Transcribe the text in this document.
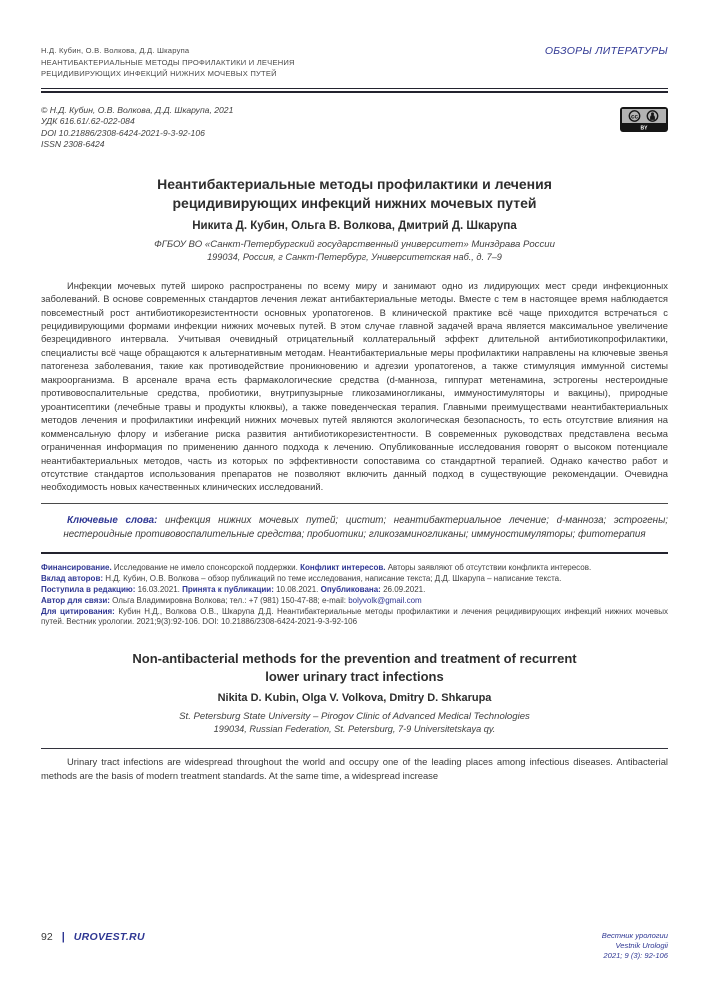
Н.Д. Кубин, О.В. Волкова, Д.Д. Шкарупа
НЕАНТИБАКТЕРИАЛЬНЫЕ МЕТОДЫ ПРОФИЛАКТИКИ И ЛЕЧЕНИЯ
РЕЦИДИВИРУЮЩИХ ИНФЕКЦИЙ НИЖНИХ МОЧЕВЫХ ПУТЕЙ
ОБЗОРЫ ЛИТЕРАТУРЫ
© Н.Д. Кубин, О.В. Волкова, Д.Д. Шкарупа, 2021
УДК 616.61/.62-022-084
DOI 10.21886/2308-6424-2021-9-3-92-106
ISSN 2308-6424
cc
BY
Неантибактериальные методы профилактики и лечения рецидивирующих инфекций нижних мочевых путей
Никита Д. Кубин, Ольга В. Волкова, Дмитрий Д. Шкарупа
ФГБОУ ВО «Санкт-Петербургский государственный университет» Минздрава России
199034, Россия, г Санкт-Петербург, Университетская наб., д. 7–9

Инфекции мочевых путей широко распространены по всему миру и занимают одно из лидирующих мест среди инфекционных заболеваний. В основе современных стандартов лечения лежат антибактериальные методы. Вместе с тем в настоящее время наблюдается повсеместный рост антибиотикорезистентности основных уропатогенов. В клинической практике всё чаще приходится встречаться с рецидивирующими формами инфекции нижних мочевых путей. В этом случае главной задачей врача является максимальное увеличение безрецидивного интервала. Учитывая очевидный отрицательный коллатеральный эффект длительной антибиотикопрофилактики, специалисты всё чаще обращаются к альтернативным методам. Неантибактериальные меры профилактики направлены на ключевые звенья патогенеза заболевания, такие как противодействие проникновению и адгезии уропатогенов, а также стимуляция иммунной системы макроорганизма. В арсенале врача есть фармакологические средства (d-манноза, гиппурат метенамина, эстрогены нестероидные противовоспалительные средства, пробиотики, внутрипузырные гликозаминогликаны, иммуностимуляторы и вакцины), природные уроантисептики (лечебные травы и продукты клюквы), а также поведенческая терапия. Главными преимуществами неантибактериальных методов лечения и профилактики инфекций нижних мочевых путей являются экологическая безопасность, то есть отсутствие влияния на комменсальную флору и избегание риска развития антибиотикорезистентности. В современных руководствах представлена весьма ограниченная информация по применению данного подхода к лечению. Опубликованные исследования говорят о высоком потенциале неантибактериальных методов, часть из которых по эффективности сопоставима со стандартной терапией. Однако качество работ и отсутствие стандартов использования препаратов не позволяют включить данный подход в существующие рекомендации. Очевидна необходимость новых качественных клинических исследований.

Ключевые слова: инфекция нижних мочевых путей; цистит; неантибактериальное лечение; d-манноза; эстрогены; нестероидные противовоспалительные средства; пробиотики; гликозаминогликаны; иммуностимуляторы; фитотерапия

Финансирование. Исследование не имело спонсорской поддержки. Конфликт интересов. Авторы заявляют об отсутствии конфликта интересов.

Вклад авторов: Н.Д. Кубин, О.В. Волкова – обзор публикаций по теме исследования, написание текста; Д.Д. Шкарупа – написание текста.

Поступила в редакцию: 16.03.2021. Принята к публикации: 10.08.2021. Опубликована: 26.09.2021.

Автор для связи: Ольга Владимировна Волкова; тел.: +7 (981) 150-47-88; e-mail: bolyvolk@gmail.com

Для цитирования: Кубин Н.Д., Волкова О.В., Шкарупа Д.Д. Неантибактериальные методы профилактики и лечения рецидивирующих инфекций нижних мочевых путей. Вестник урологии. 2021;9(3):92-106. DOI: 10.21886/2308-6424-2021-9-3-92-106

Non-antibacterial methods for the prevention and treatment of recurrent lower urinary tract infections
Nikita D. Kubin, Olga V. Volkova, Dmitry D. Shkarupa
St. Petersburg State University – Pirogov Clinic of Advanced Medical Technologies
199034, Russian Federation, St. Petersburg, 7-9 Universitetskaya qy.

Urinary tract infections are widespread throughout the world and occupy one of the leading places among infectious diseases. Antibacterial methods are the basis of modern treatment standards. At the same time, a widespread increase

92 | UROVEST.RU	Вестник урологии
Vestnik Urologii
2021; 9 (3): 92-106
